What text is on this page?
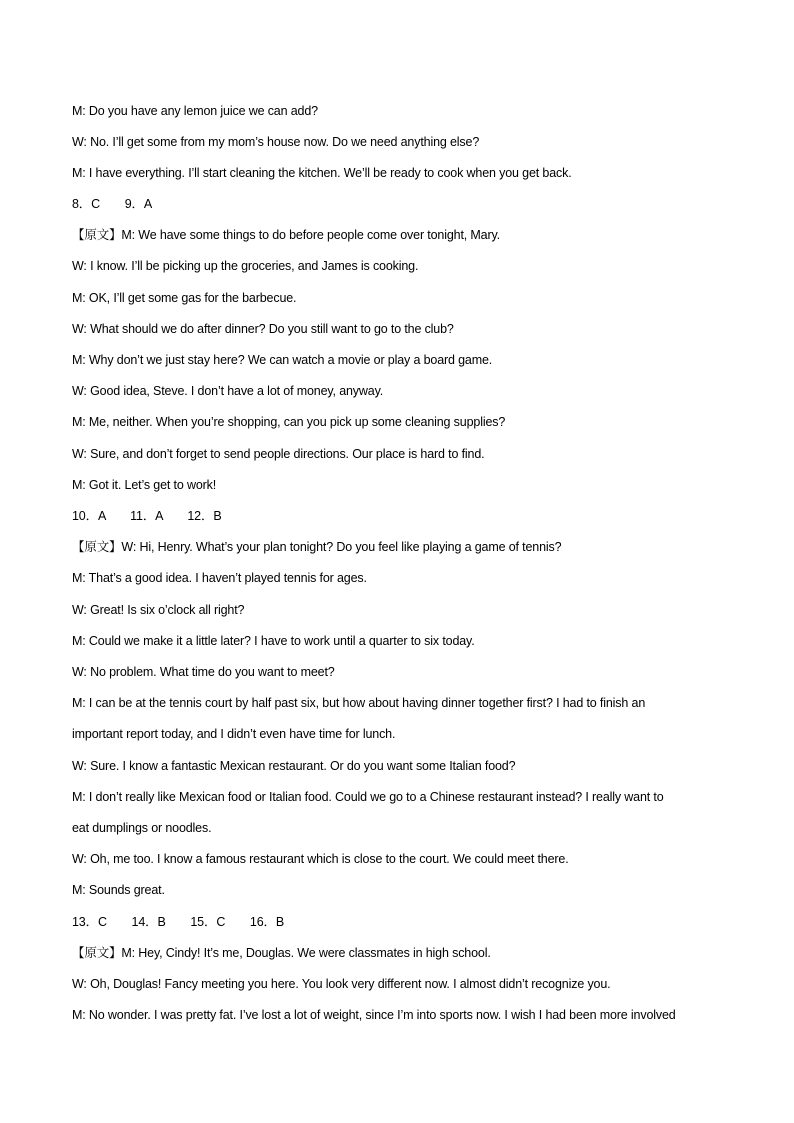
M: Do you have any lemon juice we can add?
W: No. I’ll get some from my mom’s house now. Do we need anything else?
M: I have everything. I’ll start cleaning the kitchen. We’ll be ready to cook when you get back.
8．C　　9．A
【原文】M: We have some things to do before people come over tonight, Mary.
W: I know. I’ll be picking up the groceries, and James is cooking.
M: OK, I’ll get some gas for the barbecue.
W: What should we do after dinner? Do you still want to go to the club?
M: Why don’t we just stay here? We can watch a movie or play a board game.
W: Good idea, Steve. I don’t have a lot of money, anyway.
M: Me, neither. When you’re shopping, can you pick up some cleaning supplies?
W: Sure, and don’t forget to send people directions. Our place is hard to find.
M: Got it. Let’s get to work!
10．A　　11．A　　12．B
【原文】W: Hi, Henry. What’s your plan tonight? Do you feel like playing a game of tennis?
M: That’s a good idea. I haven’t played tennis for ages.
W: Great! Is six o’clock all right?
M: Could we make it a little later? I have to work until a quarter to six today.
W: No problem. What time do you want to meet?
M: I can be at the tennis court by half past six, but how about having dinner together first? I had to finish an
important report today, and I didn’t even have time for lunch.
W: Sure. I know a fantastic Mexican restaurant. Or do you want some Italian food?
M: I don’t really like Mexican food or Italian food. Could we go to a Chinese restaurant instead? I really want to
eat dumplings or noodles.
W: Oh, me too. I know a famous restaurant which is close to the court. We could meet there.
M: Sounds great.
13．C　　14．B　　15．C　　16．B
【原文】M: Hey, Cindy! It’s me, Douglas. We were classmates in high school.
W: Oh, Douglas! Fancy meeting you here. You look very different now. I almost didn’t recognize you.
M: No wonder. I was pretty fat. I’ve lost a lot of weight, since I’m into sports now. I wish I had been more involved
